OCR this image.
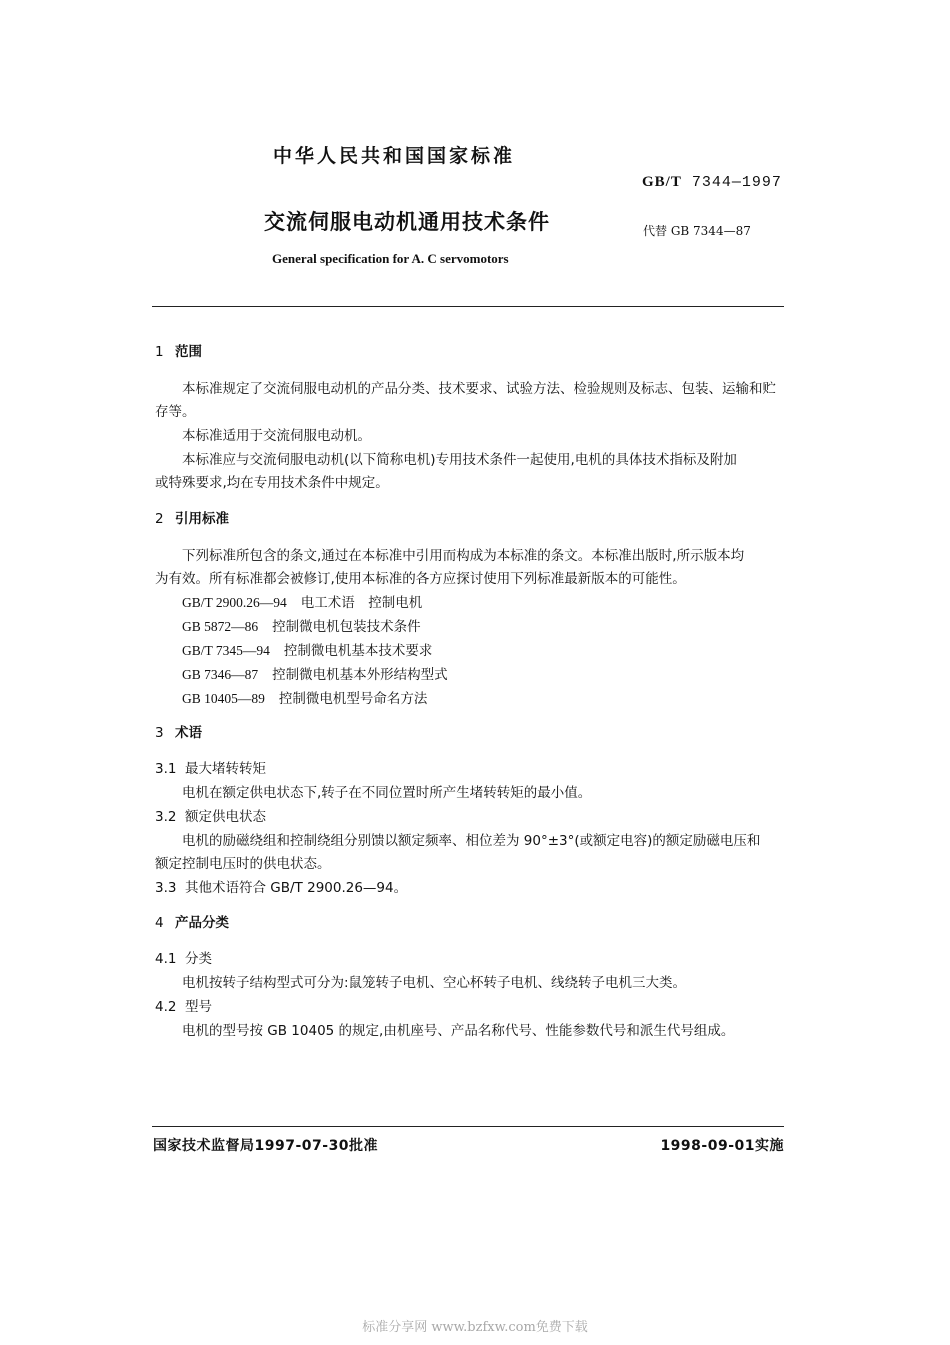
中华人民共和国国家标准
GB/T 7344—1997
交流伺服电动机通用技术条件	代替 GB 7344—87
General specification for A. C servomotors
1 范围
本标准规定了交流伺服电动机的产品分类、技术要求、试验方法、检验规则及标志、包装、运输和贮
存等。
本标准适用于交流伺服电动机。
本标准应与交流伺服电动机(以下简称电机)专用技术条件一起使用,电机的具体技术指标及附加
或特殊要求,均在专用技术条件中规定。
2 引用标准
下列标准所包含的条文,通过在本标准中引用而构成为本标准的条文。本标准出版时,所示版本均
为有效。所有标准都会被修订,使用本标准的各方应探讨使用下列标准最新版本的可能性。
GB/T 2900.26—94 电工术语　控制电机
GB 5872—86 控制微电机包装技术条件
GB/T 7345—94 控制微电机基本技术要求
GB 7346—87 控制微电机基本外形结构型式
GB 10405—89 控制微电机型号命名方法
3 术语
3.1 最大堵转转矩
电机在额定供电状态下,转子在不同位置时所产生堵转转矩的最小值。
3.2 额定供电状态
电机的励磁绕组和控制绕组分别馈以额定频率、相位差为 90°±3°(或额定电容)的额定励磁电压和
额定控制电压时的供电状态。
3.3 其他术语符合 GB/T 2900.26—94。
4 产品分类
4.1 分类
电机按转子结构型式可分为:鼠笼转子电机、空心杯转子电机、线绕转子电机三大类。
4.2 型号
电机的型号按 GB 10405 的规定,由机座号、产品名称代号、性能参数代号和派生代号组成。
国家技术监督局1997-07-30批准	1998-09-01实施
标准分享网 www.bzfxw.com免费下载
